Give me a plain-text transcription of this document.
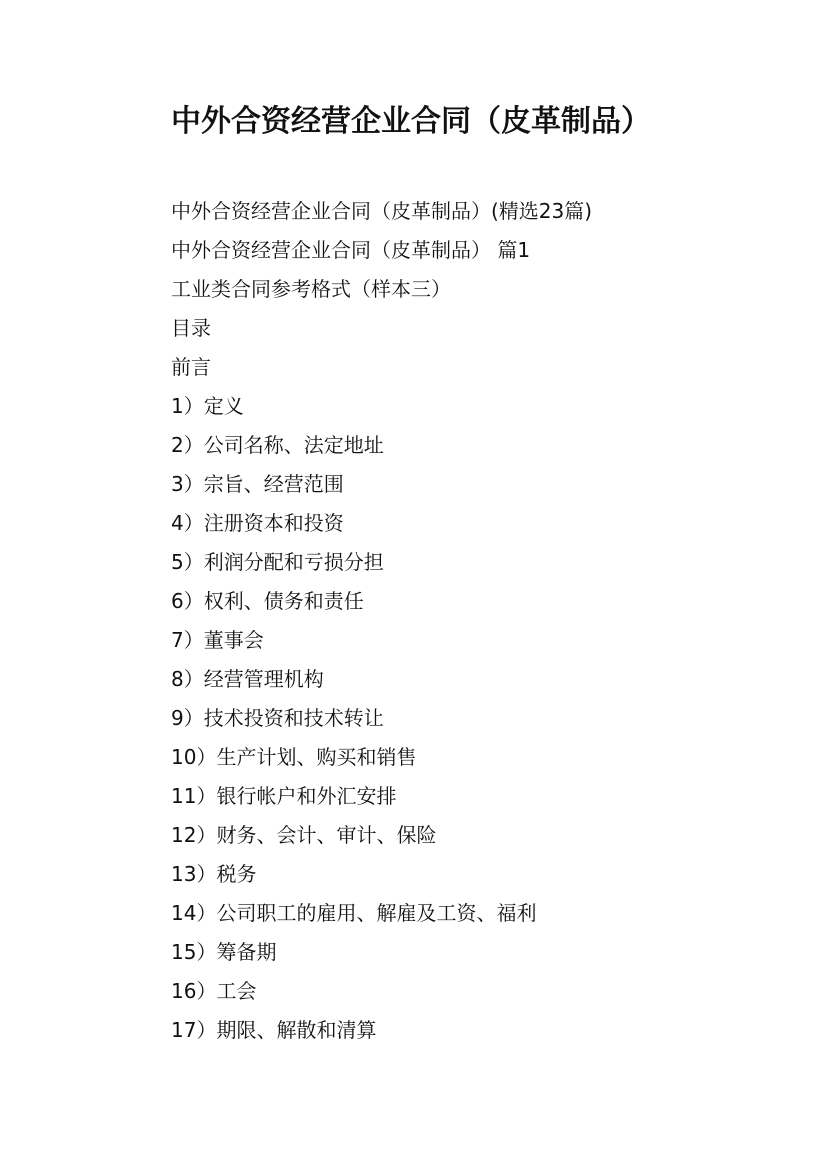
中外合资经营企业合同（皮革制品）
中外合资经营企业合同（皮革制品）(精选23篇)
中外合资经营企业合同（皮革制品） 篇1
工业类合同参考格式（样本三）
目录
前言
1）定义
2）公司名称、法定地址
3）宗旨、经营范围
4）注册资本和投资
5）利润分配和亏损分担
6）权利、债务和责任
7）董事会
8）经营管理机构
9）技术投资和技术转让
10）生产计划、购买和销售
11）银行帐户和外汇安排
12）财务、会计、审计、保险
13）税务
14）公司职工的雇用、解雇及工资、福利
15）筹备期
16）工会
17）期限、解散和清算
